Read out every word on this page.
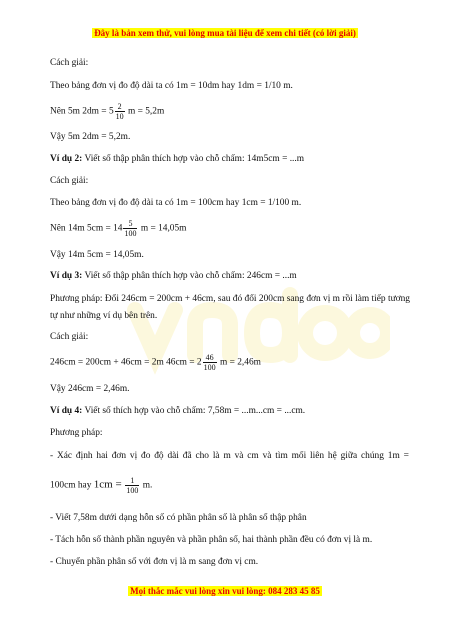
Đây là bản xem thử, vui lòng mua tài liệu để xem chi tiết (có lời giải)
Cách giải:
Theo bảng đơn vị đo độ dài ta có 1m = 10dm hay 1dm = 1/10 m.
Nên 5m $2dm = 5 \frac{2}{10}$ m = 5,2m
Vậy 5m 2dm = 5,2m.
Ví dụ 2: Viết số thập phân thích hợp vào chỗ chấm: 14m5cm = ...m
Cách giải:
Theo bảng đơn vị đo độ dài ta có 1m = 100cm hay 1cm = 1/100 m.
Nên 14m $5cm = 14 \frac{5}{100}$ m = 14,05m
Vậy 14m 5cm = 14,05m.
Ví dụ 3: Viết số thập phân thích hợp vào chỗ chấm: 246cm = ...m
Phương pháp: Đổi 246cm = 200cm + 46cm, sau đó đổi 200cm sang đơn vị m rồi làm tiếp tương tự như những ví dụ bên trên.
Cách giải:
246cm = 200cm + 46cm = 2m $46cm = 2 \frac{46}{100}$ m = 2,46m
Vậy 246cm = 2,46m.
Ví dụ 4: Viết số thích hợp vào chỗ chấm: 7,58m = ...m...cm = ...cm.
Phương pháp:
- Xác định hai đơn vị đo độ dài đã cho là m và cm và tìm mối liên hệ giữa chúng 1m =
100cm hay $1cm = \frac{1}{100} m$.
- Viết 7,58m dưới dạng hỗn số có phần phân số là phân số thập phân
- Tách hỗn số thành phần nguyên và phần phân số, hai thành phần đều có đơn vị là m.
- Chuyển phần phân số với đơn vị là m sang đơn vị cm.
Mọi thắc mắc vui lòng xin vui lòng: 084 283 45 85
